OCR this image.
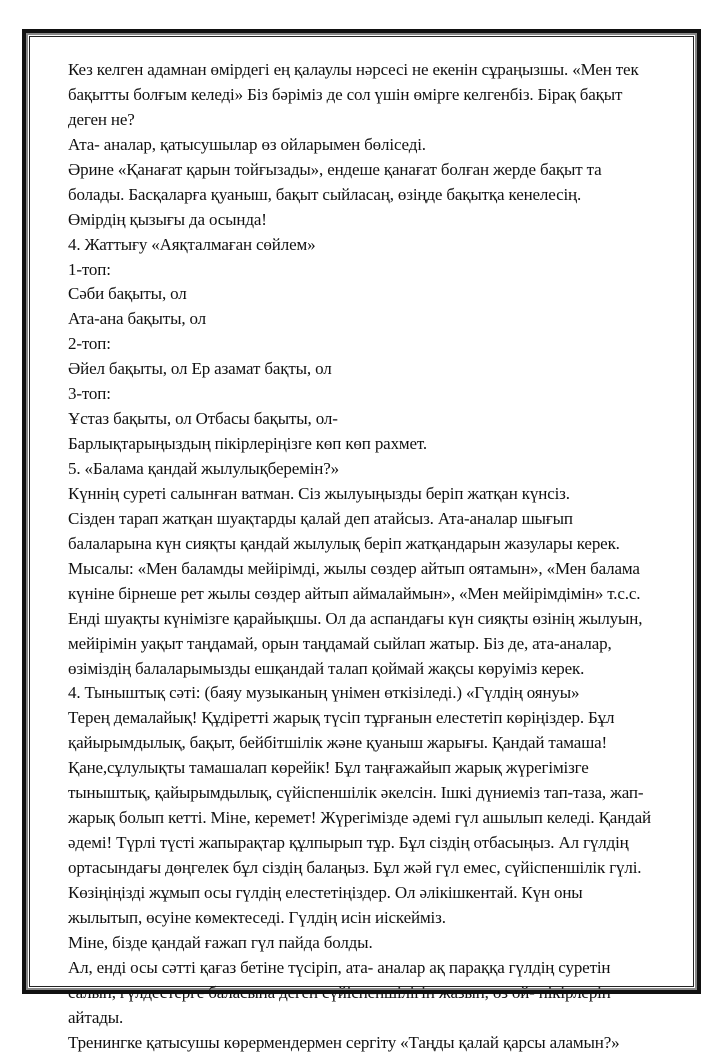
Кез келген адамнан өмірдегі ең қалаулы нәрсесі не екенін сұраңызшы. «Мен тек
бақытты болғым келеді» Біз бәріміз де сол үшін өмірге келгенбіз. Бірақ бақыт
деген не?
Ата- аналар, қатысушылар өз ойларымен бөліседі.
Әрине «Қанағат қарын тойғызады», ендеше қанағат болған жерде бақыт та
болады. Басқаларға қуаныш, бақыт сыйласаң, өзіңде бақытқа кенелесің.
Өмірдің қызығы да осында!
4. Жаттығу «Аяқталмаған сөйлем»
1-топ:
Сәби бақыты, ол
Ата-ана бақыты, ол
2-топ:
Әйел бақыты, ол Ер азамат бақты, ол
3-топ:
Ұстаз бақыты, ол Отбасы бақыты, ол-
Барлықтарыңыздың пікірлеріңізге көп көп рахмет.
5. «Балама қандай жылулықберемін?»
Күннің суреті салынған ватман. Сіз жылуыңызды беріп жатқан күнсіз.
Сізден тарап жатқан шуақтарды қалай деп атайсыз. Ата-аналар шығып
балаларына күн сияқты қандай жылулық беріп жатқандарын жазулары керек.
Мысалы: «Мен баламды мейірімді, жылы сөздер айтып оятамын», «Мен балама
күніне бірнеше рет жылы сөздер айтып аймалаймын», «Мен мейірімдімін» т.с.с.
Енді шуақты күнімізге қарайықшы. Ол да аспандағы күн сияқты өзінің жылуын,
мейірімін уақыт таңдамай, орын таңдамай сыйлап жатыр. Біз де, ата-аналар,
өзіміздің балаларымызды ешқандай талап қоймай жақсы көруіміз керек.
4. Тыныштық сәті: (баяу музыканың үнімен өткізіледі.) «Гүлдің оянуы»
Терең демалайық! Құдіретті жарық түсіп тұрғанын елестетіп көріңіздер. Бұл
қайырымдылық, бақыт, бейбітшілік және қуаныш жарығы. Қандай тамаша!
Қане,сұлулықты тамашалап көрейік! Бұл таңғажайып жарық жүрегімізге
тыныштық, қайырымдылық, сүйіспеншілік әкелсін. Ішкі дүниеміз тап-таза, жап-
жарық болып кетті. Міне, керемет! Жүрегімізде әдемі гүл ашылып келеді. Қандай
әдемі! Түрлі түсті жапырақтар құлпырып тұр. Бұл сіздің отбасыңыз. Ал гүлдің
ортасындағы дөңгелек бұл сіздің балаңыз. Бұл жәй гүл емес, сүйіспеншілік гүлі.
Көзіңіңізді жұмып осы гүлдің елестетіңіздер. Ол әлікішкентай. Күн оны
жылытып, өсуіне көмектеседі. Гүлдің исін иіскейміз.
Міне, бізде қандай ғажап гүл пайда болды.
Ал, енді осы сәтті қағаз бетіне түсіріп, ата- аналар ақ параққа гүлдің суретін
салып, гүлдестерге баласына деген сүйіспеншілігін жазып, өз ой- пікірлерін
айтады.
Тренингке қатысушы көрермендермен сергіту «Таңды қалай қарсы аламын?»
